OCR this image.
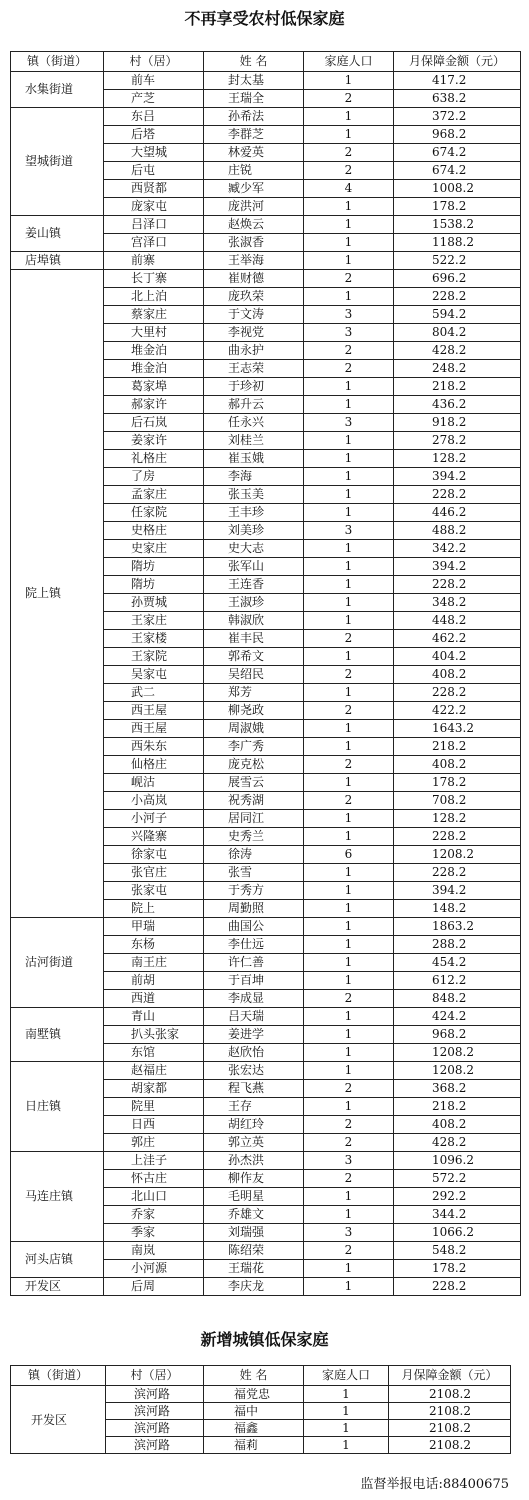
不再享受农村低保家庭
镇（街道）	村（居）	姓 名	家庭人口	月保障金额（元）
水集街道	前车	封太基	1	417.2
	产芝	王瑞全	2	638.2
望城街道	东吕	孙希法	1	372.2
	后塔	李群芝	1	968.2
	大望城	林爱英	2	674.2
	后屯	庄锐	2	674.2
	西贤都	臧少军	4	1008.2
	庞家屯	庞洪河	1	178.2
姜山镇	吕泽口	赵焕云	1	1538.2
	宫泽口	张淑香	1	1188.2
店埠镇	前寨	王举海	1	522.2
院上镇	长丁寨	崔财德	2	696.2
	北上泊	庞玖荣	1	228.2
	蔡家庄	于文涛	3	594.2
	大里村	李视党	3	804.2
	堆金泊	曲永护	2	428.2
	堆金泊	王志荣	2	248.2
	葛家埠	于珍初	1	218.2
	郝家许	郝升云	1	436.2
	后石岚	任永兴	3	918.2
	姜家许	刘桂兰	1	278.2
	礼格庄	崔玉娥	1	128.2
	了房	李海	1	394.2
	孟家庄	张玉美	1	228.2
	任家院	王丰珍	1	446.2
	史格庄	刘美珍	3	488.2
	史家庄	史大志	1	342.2
	隋坊	张军山	1	394.2
	隋坊	王连香	1	228.2
	孙贾城	王淑珍	1	348.2
	王家庄	韩淑欣	1	448.2
	王家楼	崔丰民	2	462.2
	王家院	郭希文	1	404.2
	吴家屯	吴绍民	2	408.2
	武二	郑芳	1	228.2
	西王屋	柳尧政	2	422.2
	西王屋	周淑娥	1	1643.2
	西朱东	李广秀	1	218.2
	仙格庄	庞克松	2	408.2
	岘沽	展雪云	1	178.2
	小高岚	祝秀湖	2	708.2
	小河子	居同江	1	128.2
	兴隆寨	史秀兰	1	228.2
	徐家屯	徐涛	6	1208.2
	张官庄	张雪	1	228.2
	张家屯	于秀方	1	394.2
	院上	周勤照	1	148.2
沽河街道	甲瑞	曲国公	1	1863.2
	东杨	李仕远	1	288.2
	南王庄	许仁善	1	454.2
	前胡	于百坤	1	612.2
	西道	李成显	2	848.2
南墅镇	青山	吕天瑞	1	424.2
	扒头张家	姜进学	1	968.2
	东馆	赵欣怡	1	1208.2
日庄镇	赵福庄	张宏达	1	1208.2
	胡家都	程飞燕	2	368.2
	院里	王存	1	218.2
	日西	胡红玲	2	408.2
	郭庄	郭立英	2	428.2
马连庄镇	上洼子	孙杰洪	3	1096.2
	怀古庄	柳作友	2	572.2
	北山口	毛明星	1	292.2
	乔家	乔雄文	1	344.2
	季家	刘瑞强	3	1066.2
河头店镇	南岚	陈绍荣	2	548.2
	小河源	王瑞花	1	178.2
开发区	后周	李庆龙	1	228.2
新增城镇低保家庭
镇（街道）	村（居）	姓 名	家庭人口	月保障金额（元）
开发区	滨河路	福党忠	1	2108.2
	滨河路	福中	1	2108.2
	滨河路	福鑫	1	2108.2
	滨河路	福莉	1	2108.2
监督举报电话:88400675
